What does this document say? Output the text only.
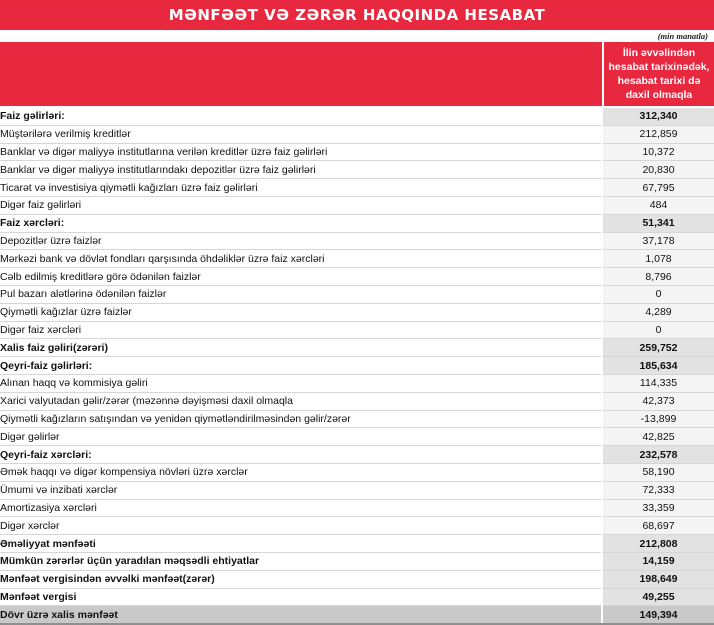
MƏNFƏƏT VƏ ZƏRƏR HAQQINDA HESABAT
(min manatla)
İlin əvvəlindən hesabat tarixinədək, hesabat tarixi də daxil olmaqla
Faiz gəlirləri:	312,340
Müştərilərə verilmiş kreditlər	212,859
Banklar və digər maliyyə institutlarına verilən kreditlər üzrə faiz gəlirləri	10,372
Banklar və digər maliyyə institutlarındakı depozitlər üzrə faiz gəlirləri	20,830
Ticarət və investisiya qiymətli kağızları üzrə faiz gəlirləri	67,795
Digər faiz gəlirləri	484
Faiz xərcləri:	51,341
Depozitlər üzrə faizlər	37,178
Mərkəzi bank və dövlət fondları qarşısında öhdəliklər üzrə faiz xərcləri	1,078
Cəlb edilmiş kreditlərə görə ödənilən faizlər	8,796
Pul bazarı alətlərinə ödənilən faizlər	0
Qiymətli kağızlar üzrə faizlər	4,289
Digər faiz xərcləri	0
Xalis faiz gəliri(zərəri)	259,752
Qeyri-faiz gəlirləri:	185,634
Alınan haqq və kommisiya gəliri	114,335
Xarici valyutadan gəlir/zərər (məzənnə dəyişməsi daxil olmaqla	42,373
Qiymətli kağızların satışından və yenidən qiymətləndirilməsindən gəlir/zərər	-13,899
Digər gəlirlər	42,825
Qeyri-faiz xərcləri:	232,578
Əmək haqqı və digər kompensiya növləri üzrə xərclər	58,190
Ümumi və inzibati xərclər	72,333
Amortizasiya xərcləri	33,359
Digər xərclər	68,697
Əməliyyat mənfəəti	212,808
Mümkün zərərlər üçün yaradılan məqsədli ehtiyatlar	14,159
Mənfəət vergisindən əvvəlki mənfəət(zərər)	198,649
Mənfəət vergisi	49,255
Dövr üzrə xalis mənfəət	149,394
